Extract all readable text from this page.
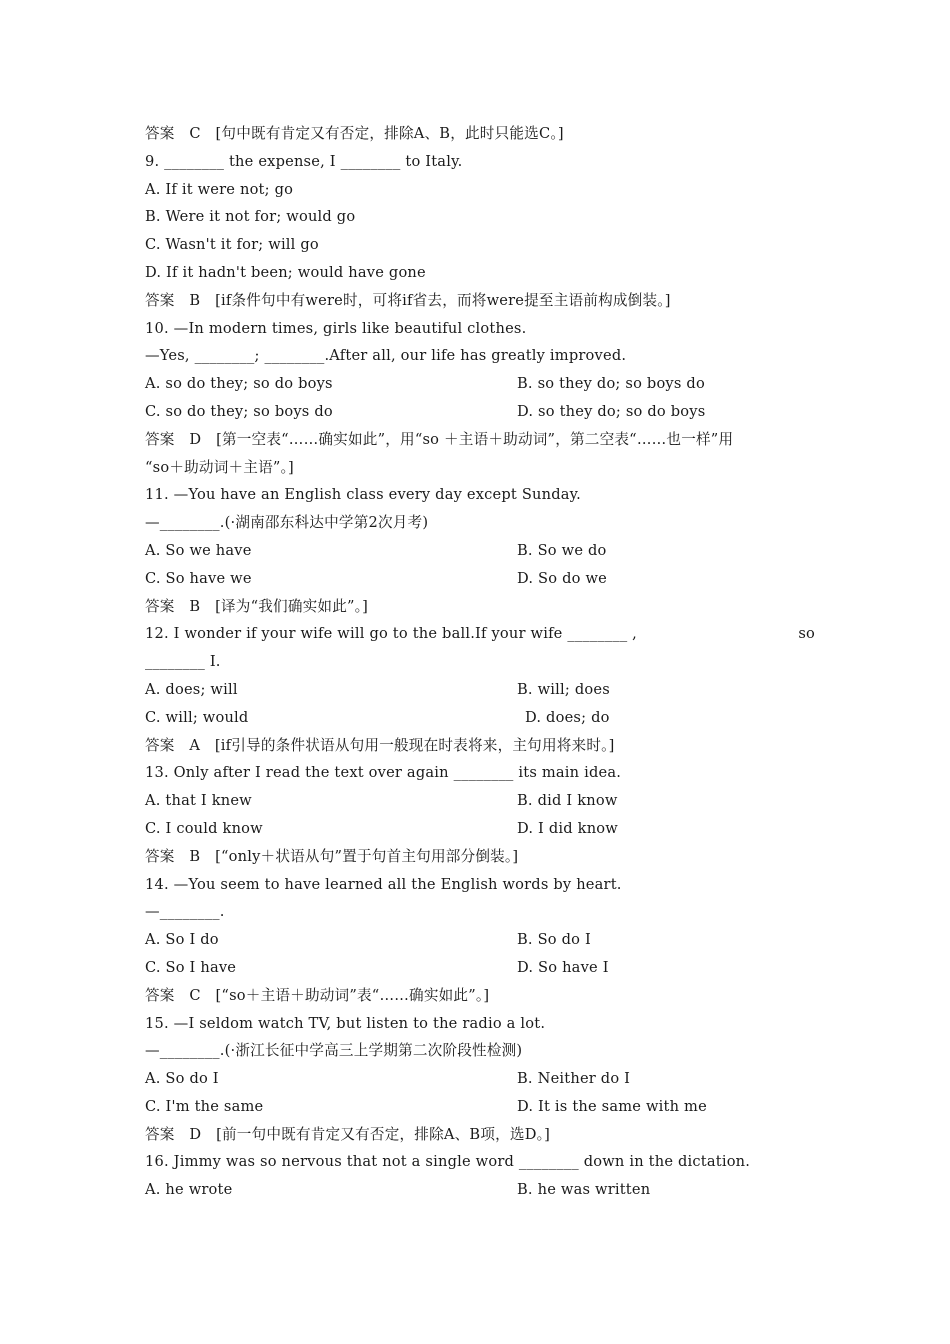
答案　C　[句中既有肯定又有否定，排除A、B，此时只能选C。]
9. ________ the expense, I ________ to Italy.
A. If it were not; go
B. Were it not for; would go
C. Wasn't it for; will go
D. If it hadn't been; would have gone
答案　B　[if条件句中有were时，可将if省去，而将were提至主语前构成倒装。]
10. —In modern times, girls like beautiful clothes.
—Yes, ________; ________.After all, our life has greatly improved.
A. so do they; so do boys	B. so they do; so boys do
C. so do they; so boys do	D. so they do; so do boys
答案　D　[第一空表“……确实如此”，用“so ＋主语＋助动词”，第二空表“……也一样”用
“so＋助动词＋主语”。]
11. —You have an English class every day except Sunday.
—________.(·湖南邵东科达中学第2次月考)
A. So we have	B. So we do
C. So have we	D. So do we
答案　B　[译为“我们确实如此”。]
12. I wonder if your wife will go to the ball.If your wife ________ ,	so
________ I.
A. does; will	B. will; does
C. will; would	D. does; do
答案　A　[if引导的条件状语从句用一般现在时表将来，主句用将来时。]
13. Only after I read the text over again ________ its main idea.
A. that I knew	B. did I know
C. I could know	D. I did know
答案　B　[“only＋状语从句”置于句首主句用部分倒装。]
14. —You seem to have learned all the English words by heart.
—________.
A. So I do	B. So do I
C. So I have	D. So have I
答案　C　[“so＋主语＋助动词”表“……确实如此”。]
15. —I seldom watch TV, but listen to the radio a lot.
—________.(·浙江长征中学高三上学期第二次阶段性检测)
A. So do I	B. Neither do I
C. I'm the same	D. It is the same with me
答案　D　[前一句中既有肯定又有否定，排除A、B项，选D。]
16. Jimmy was so nervous that not a single word ________ down in the dictation.
A. he wrote	B. he was written
